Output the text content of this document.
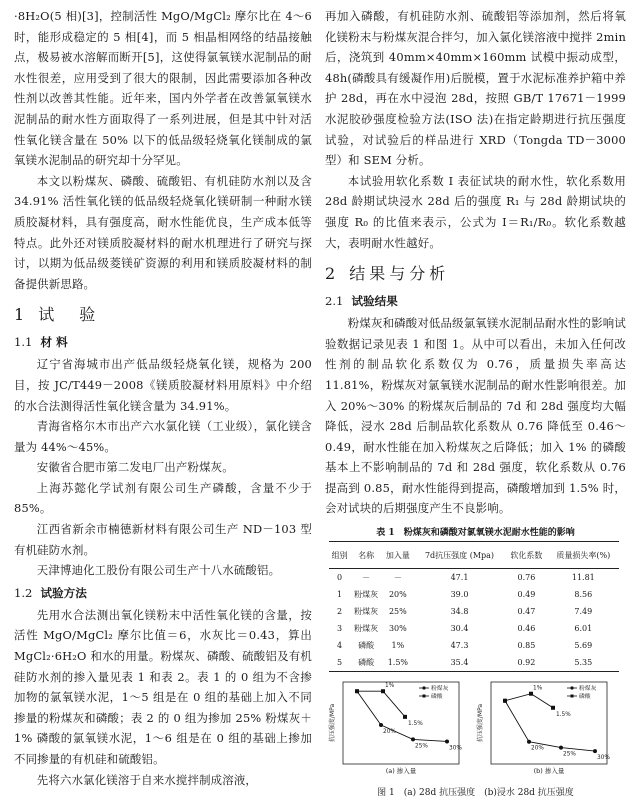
·8H₂O(5 相)[3]，控制活性 MgO/MgCl₂ 摩尔比在 4～6 时，能形成稳定的 5 相[4]，而 5 相晶相网络的结晶接触点，极易被水溶解而断开[5]，这使得氯氧镁水泥制品的耐水性很差，应用受到了很大的限制，因此需要添加各种改性剂以改善其性能。近年来，国内外学者在改善氯氧镁水泥制品的耐水性方面取得了一系列进展，但是其中针对活性氧化镁含量在 50% 以下的低品级轻烧氧化镁制成的氯氧镁水泥制品的研究却十分罕见。

本文以粉煤灰、磷酸、硫酸铝、有机硅防水剂以及含 34.91% 活性氧化镁的低品级轻烧氧化镁研制一种耐水镁质胶凝材料，具有强度高，耐水性能优良，生产成本低等特点。此外还对镁质胶凝材料的耐水机理进行了研究与探讨，以期为低品级菱镁矿资源的利用和镁质胶凝材料的制备提供新思路。

1 试 验
1.1 材 料

辽宁省海城市出产低品级轻烧氧化镁，规格为 200 目，按 JC/T449－2008《镁质胶凝材料用原料》中介绍的水合法测得活性氧化镁含量为 34.91%。

青海省格尔木市出产六水氯化镁（工业级），氯化镁含量为 44%～45%。

安徽省合肥市第二发电厂出产粉煤灰。

上海苏懿化学试剂有限公司生产磷酸，含量不少于 85%。

江西省新余市楠德新材料有限公司生产 ND－103 型有机硅防水剂。

天津博迪化工股份有限公司生产十八水硫酸铝。

1.2 试验方法

先用水合法测出氧化镁粉末中活性氧化镁的含量，按活性 MgO/MgCl₂ 摩尔比值＝6，水灰比＝0.43，算出 MgCl₂·6H₂O 和水的用量。粉煤灰、磷酸、硫酸铝及有机硅防水剂的掺入量见表 1 和表 2。表 1 的 0 组为不含掺加物的氯氧镁水泥，1～5 组是在 0 组的基础上加入不同掺量的粉煤灰和磷酸；表 2 的 0 组为掺加 25% 粉煤灰＋1% 磷酸的氯氧镁水泥，1～6 组是在 0 组的基础上掺加不同掺量的有机硅和硫酸铝。

先将六水氯化镁溶于自来水搅拌制成溶液，

再加入磷酸，有机硅防水剂、硫酸铝等添加剂，然后将氧化镁粉末与粉煤灰混合拌匀，加入氯化镁溶液中搅拌 2min 后，浇筑到 40mm×40mm×160mm 试模中振动成型，48h(磷酸具有缓凝作用)后脱模，置于水泥标准养护箱中养护 28d，再在水中浸泡 28d，按照 GB/T 17671－1999 水泥胶砂强度检验方法(ISO 法)在指定龄期进行抗压强度试验，对试验后的样品进行 XRD（Tongda TD－3000 型）和 SEM 分析。

本试验用软化系数 I 表征试块的耐水性，软化系数用 28d 龄期试块浸水 28d 后的强度 R₁ 与 28d 龄期试块的强度 R₀ 的比值来表示，公式为 I＝R₁/R₀。软化系数越大，表明耐水性越好。

2 结果与分析
2.1 试验结果

粉煤灰和磷酸对低品级氯氧镁水泥制品耐水性的影响试验数据记录见表 1 和图 1。从中可以看出，未加入任何改性剂的制品软化系数仅为 0.76，质量损失率高达 11.81%，粉煤灰对氯氧镁水泥制品的耐水性影响很差。加入 20%～30% 的粉煤灰后制品的 7d 和 28d 强度均大幅降低，浸水 28d 后制品软化系数从 0.76 降低至 0.46～0.49，耐水性能在加入粉煤灰之后降低；加入 1% 的磷酸基本上不影响制品的 7d 和 28d 强度，软化系数从 0.76 提高到 0.85，耐水性能得到提高，磷酸增加到 1.5% 时，会对试块的后期强度产生不良影响。

表 1　粉煤灰和磷酸对氯氧镁水泥耐水性能的影响
组别	名称	加入量	7d抗压强度 (Mpa)	软化系数	质量损失率(%)
0	－	－	47.1	0.76	11.81
1	粉煤灰	20%	39.0	0.49	8.56
2	粉煤灰	25%	34.8	0.47	7.49
3	粉煤灰	30%	30.4	0.46	6.01
4	磷酸	1%	47.3	0.85	5.69
5	磷酸	1.5%	35.4	0.92	5.35
抗压强度/MPa
(a) 掺入量
20%
25%	30%
1%
1.5%
粉煤灰
磷酸
抗压强度/MPa
(b) 掺入量
20%
25%
30%
1%
1.5%
粉煤灰
磷酸
图 1　(a) 28d 抗压强度　(b)浸水 28d 抗压强度
